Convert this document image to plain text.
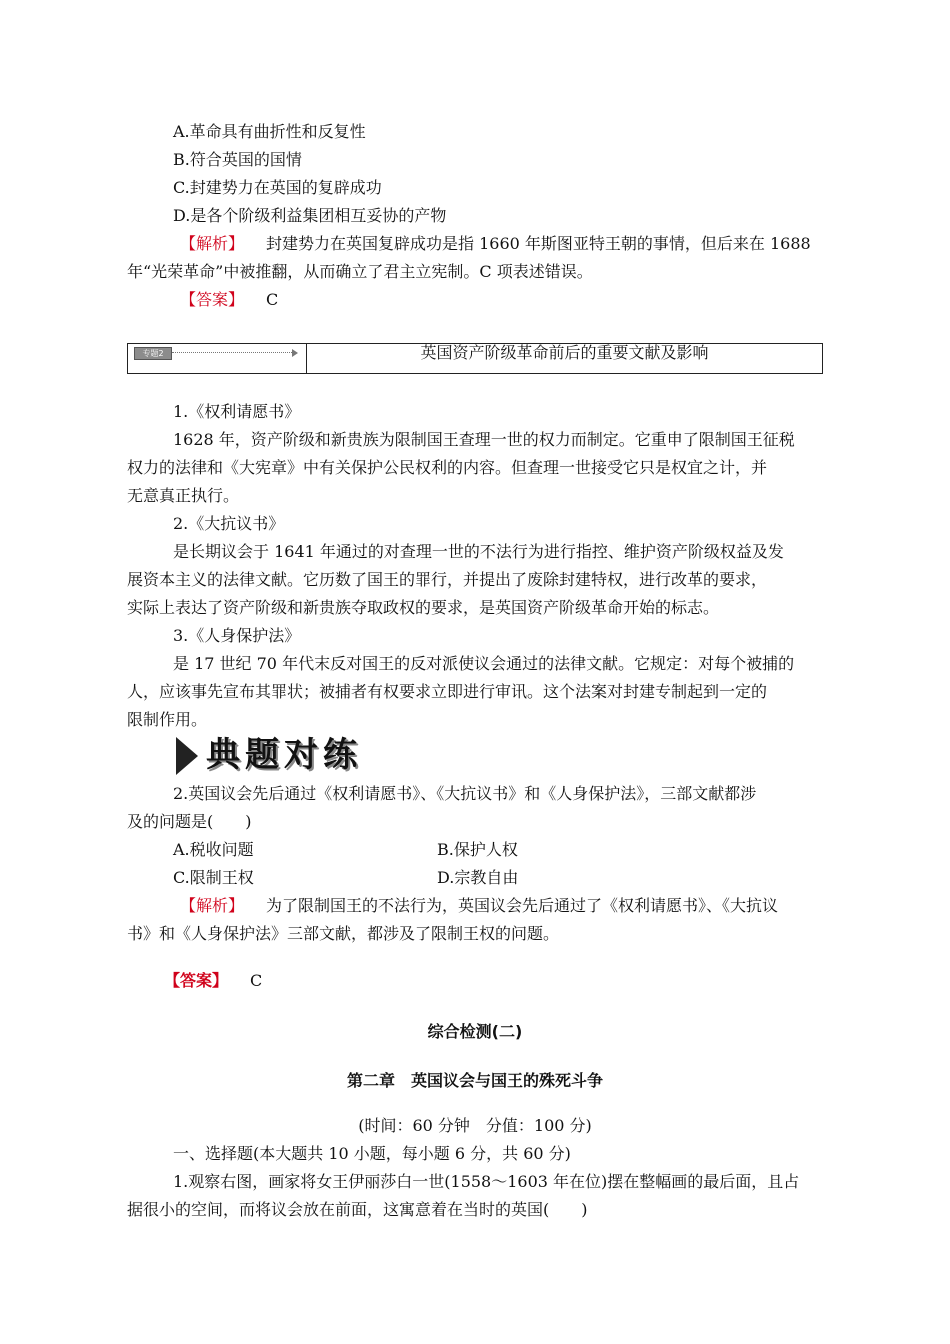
A.革命具有曲折性和反复性
B.符合英国的国情
C.封建势力在英国的复辟成功
D.是各个阶级利益集团相互妥协的产物
【解析】 封建势力在英国复辟成功是指 1660 年斯图亚特王朝的事情，但后来在 1688
年“光荣革命”中被推翻，从而确立了君主立宪制。C 项表述错误。
【答案】 C
专题2	英国资产阶级革命前后的重要文献及影响
1.《权利请愿书》
1628 年，资产阶级和新贵族为限制国王查理一世的权力而制定。它重申了限制国王征税
权力的法律和《大宪章》中有关保护公民权利的内容。但查理一世接受它只是权宜之计，并
无意真正执行。
2.《大抗议书》
是长期议会于 1641 年通过的对查理一世的不法行为进行指控、维护资产阶级权益及发
展资本主义的法律文献。它历数了国王的罪行，并提出了废除封建特权，进行改革的要求，
实际上表达了资产阶级和新贵族夺取政权的要求，是英国资产阶级革命开始的标志。
3.《人身保护法》
是 17 世纪 70 年代末反对国王的反对派使议会通过的法律文献。它规定：对每个被捕的
人，应该事先宣布其罪状；被捕者有权要求立即进行审讯。这个法案对封建专制起到一定的
限制作用。
典题对练
2.英国议会先后通过《权利请愿书》、《大抗议书》和《人身保护法》，三部文献都涉
及的问题是(　　)
A.税收问题	B.保护人权
C.限制王权	D.宗教自由
【解析】 为了限制国王的不法行为，英国议会先后通过了《权利请愿书》、《大抗议
书》和《人身保护法》三部文献，都涉及了限制王权的问题。
【答案】 C
综合检测(二)
第二章　英国议会与国王的殊死斗争
(时间：60 分钟　分值：100 分)
一、选择题(本大题共 10 小题，每小题 6 分，共 60 分)
1.观察右图，画家将女王伊丽莎白一世(1558～1603 年在位)摆在整幅画的最后面，且占
据很小的空间，而将议会放在前面，这寓意着在当时的英国(　　)
